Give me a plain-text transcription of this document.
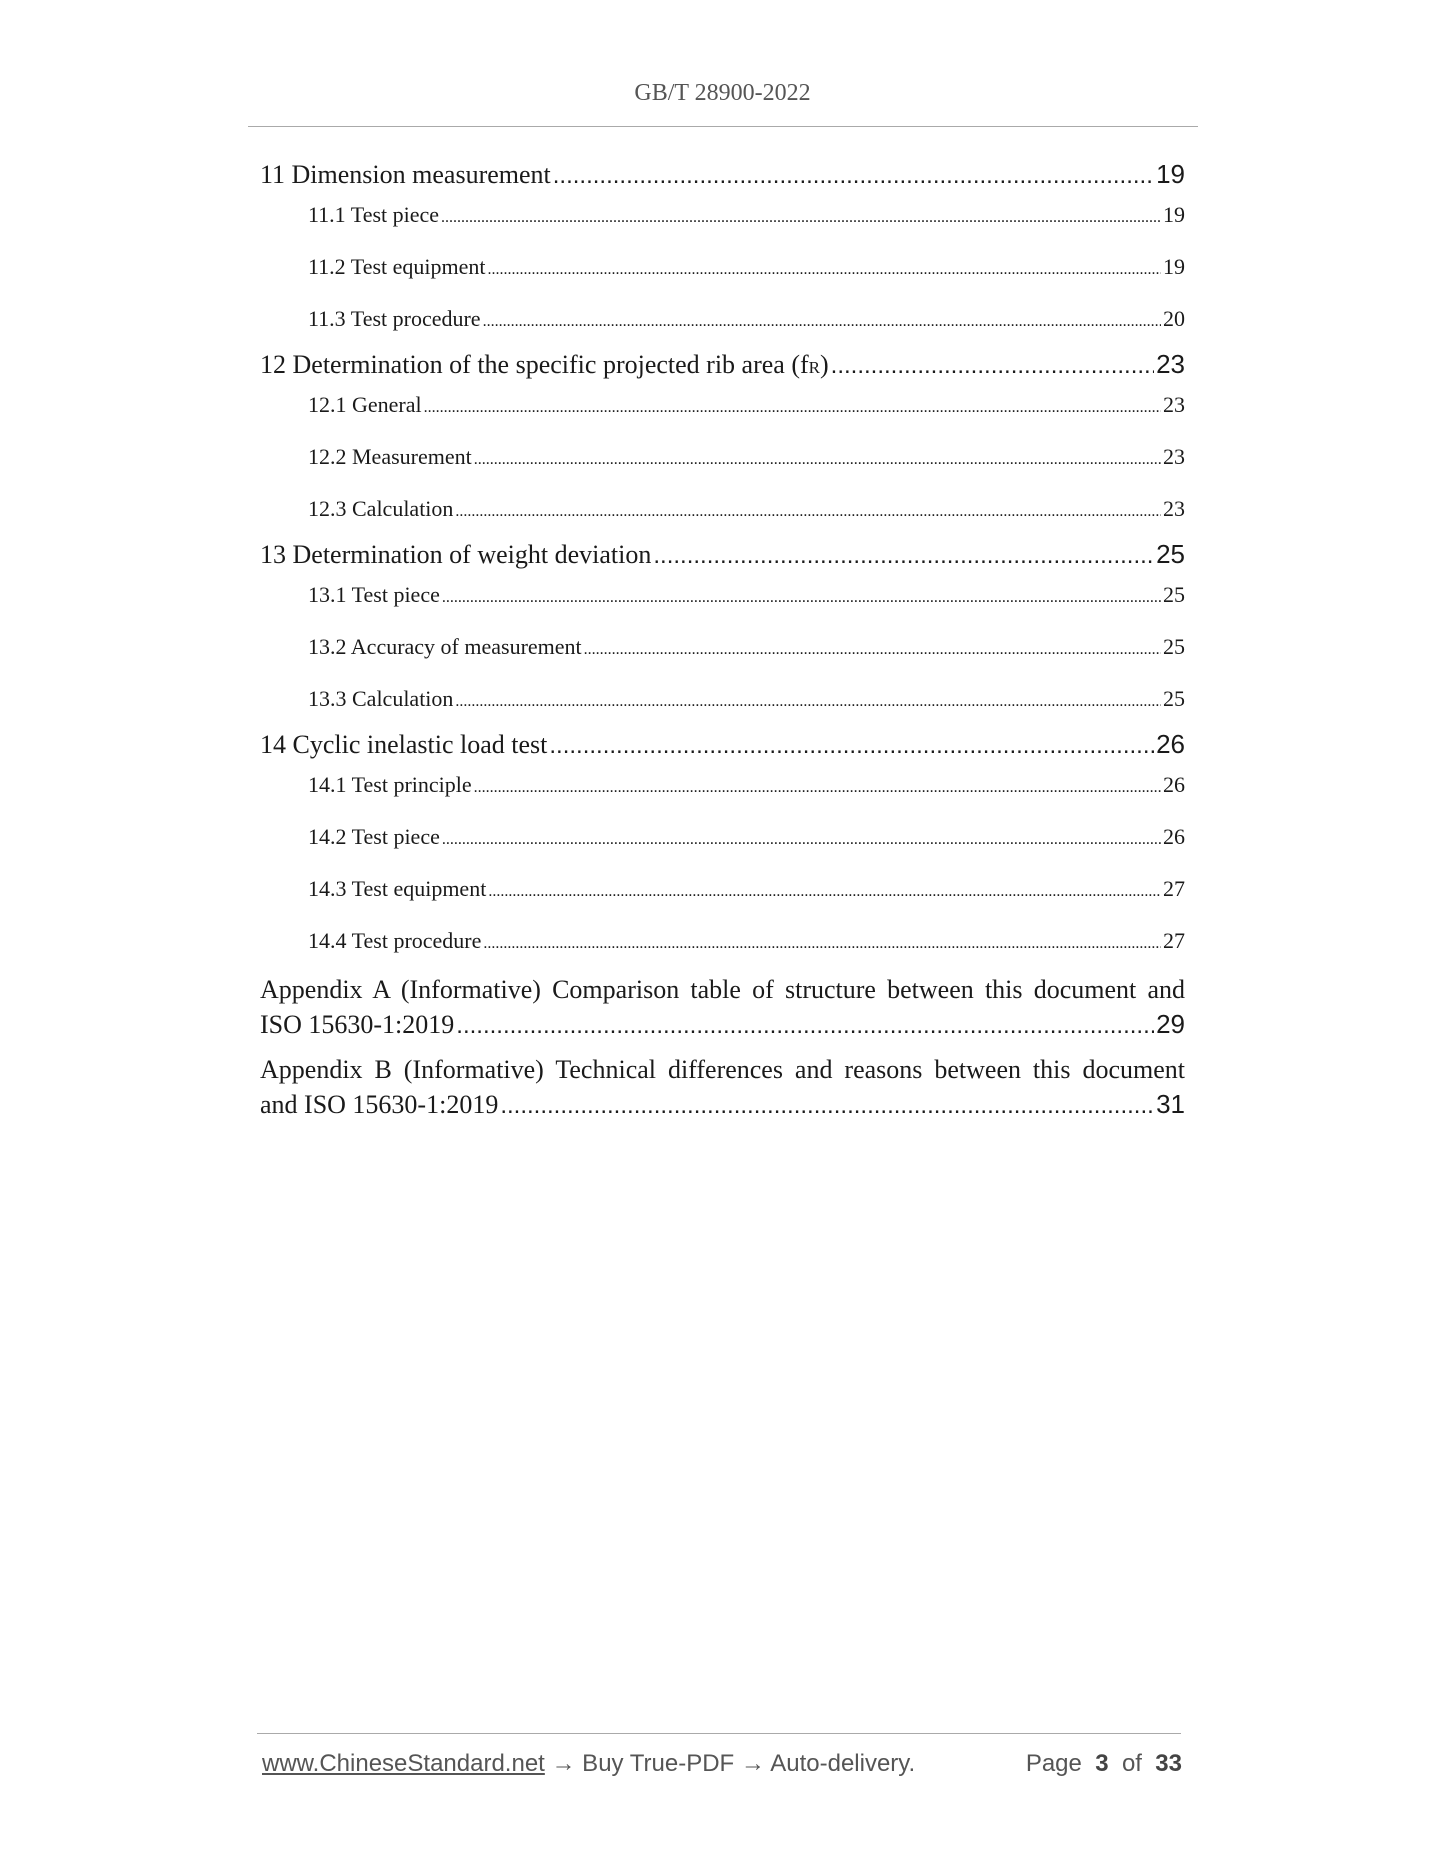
GB/T 28900-2022
11 Dimension measurement .....	19
11.1 Test piece .....	19
11.2 Test equipment .....	19
11.3 Test procedure .....	20
12 Determination of the specific projected rib area (fR) .....	23
12.1 General .....	23
12.2 Measurement .....	23
12.3 Calculation .....	23
13 Determination of weight deviation .....	25
13.1 Test piece .....	25
13.2 Accuracy of measurement .....	25
13.3 Calculation .....	25
14 Cyclic inelastic load test .....	26
14.1 Test principle .....	26
14.2 Test piece .....	26
14.3 Test equipment .....	27
14.4 Test procedure .....	27
Appendix A (Informative) Comparison table of structure between this document and
ISO 15630-1:2019 .....	29
Appendix B (Informative) Technical differences and reasons between this document
and ISO 15630-1:2019 .....	31
www.ChineseStandard.net → Buy True-PDF → Auto-delivery.	Page 3 of 33
